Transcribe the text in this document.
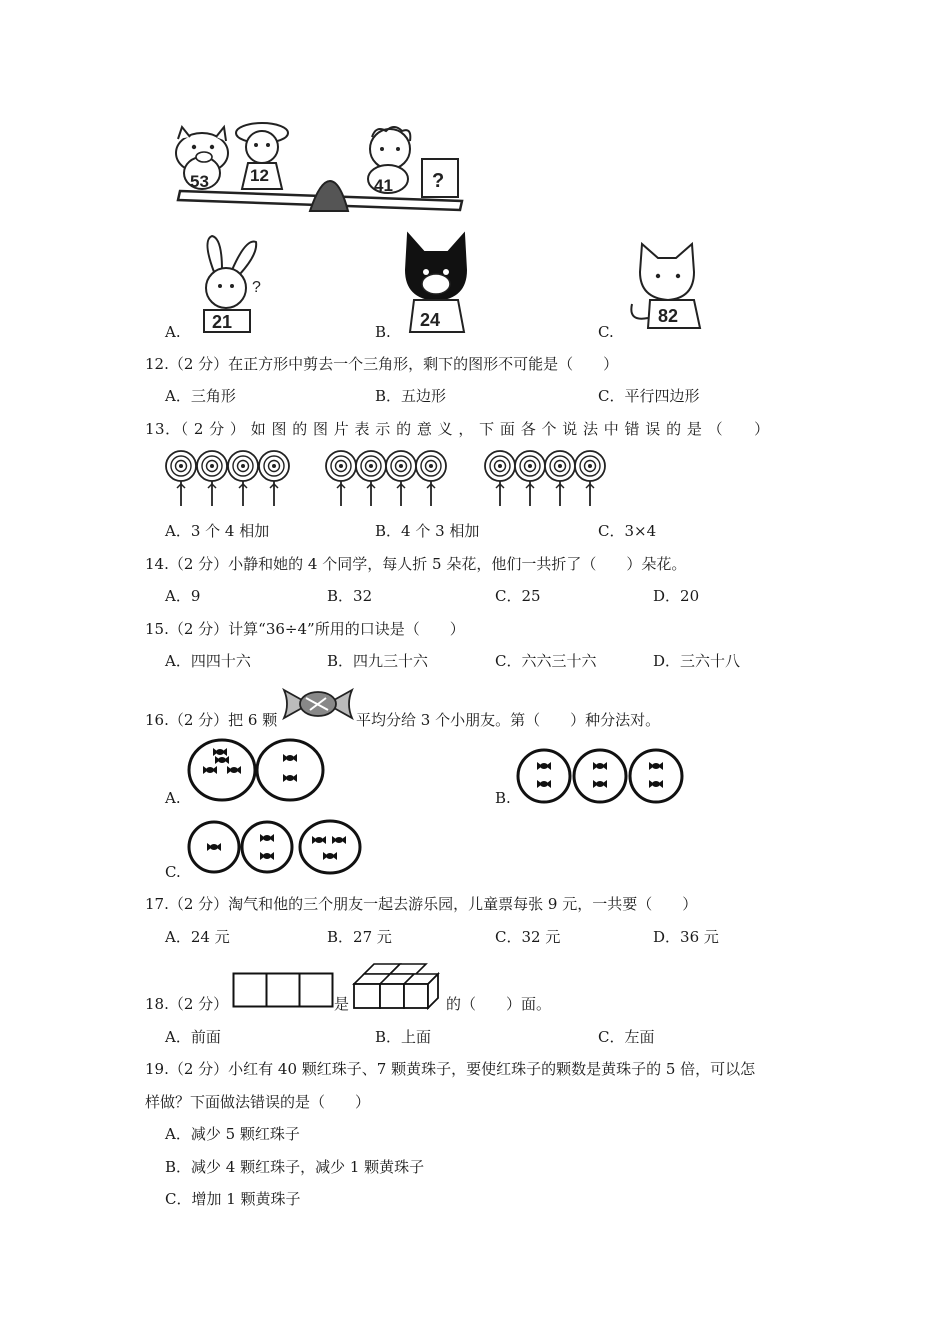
53 12
41 ?
A.
?
21	B.
24
C.
82
12.（2 分）在正方形中剪去一个三角形，剩下的图形不可能是（　　）
A．三角形	B．五边形	C．平行四边形
13．（ 2 分 ） 如 图 的 图 片 表 示 的 意 义 ， 下 面 各 个 说 法 中 错 误 的 是 （　　）
A．3 个 4 相加	B．4 个 3 相加	C．3×4
14.（2 分）小静和她的 4 个同学，每人折 5 朵花，他们一共折了（　　）朵花。
A．9	B．32	C．25	D．20
15.（2 分）计算“36÷4”所用的口诀是（　　）
A．四四十六	B．四九三十六	C．六六三十六	D．三六十八
16.（2 分）把 6 颗	平均分给 3 个小朋友。第（　　）种分法对。
A.	B.
C.
17.（2 分）淘气和他的三个朋友一起去游乐园，儿童票每张 9 元，一共要（　　）
A．24 元	B．27 元	C．32 元	D．36 元
18.（2 分）	是	的（　　）面。
A．前面	B．上面	C．左面
19.（2 分）小红有 40 颗红珠子、7 颗黄珠子，要使红珠子的颗数是黄珠子的 5 倍，可以怎
样做？下面做法错误的是（　　）
A．减少 5 颗红珠子
B．减少 4 颗红珠子，减少 1 颗黄珠子
C．增加 1 颗黄珠子
